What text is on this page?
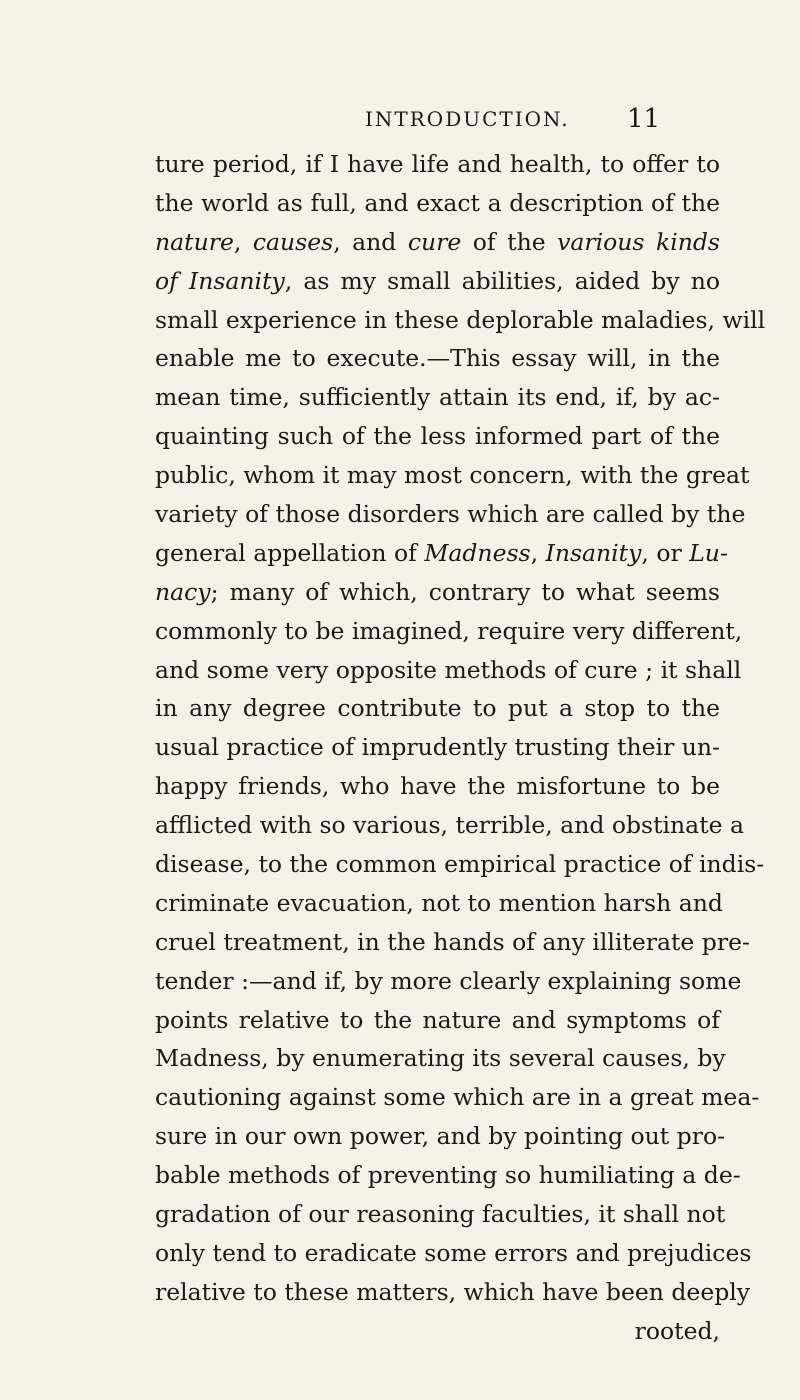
INTRODUCTION. 11
ture period, if I have life and health, to offer to
the world as full, and exact a description of the
nature, causes, and cure of the various kinds
of Insanity, as my small abilities, aided by no
small experience in these deplorable maladies, will
enable me to execute.—This essay will, in the
mean time, sufficiently attain its end, if, by ac-
quainting such of the less informed part of the
public, whom it may most concern, with the great
variety of those disorders which are called by the
general appellation of Madness, Insanity, or Lu-
nacy; many of which, contrary to what seems
commonly to be imagined, require very different,
and some very opposite methods of cure ; it shall
in any degree contribute to put a stop to the
usual practice of imprudently trusting their un-
happy friends, who have the misfortune to be
afflicted with so various, terrible, and obstinate a
disease, to the common empirical practice of indis-
criminate evacuation, not to mention harsh and
cruel treatment, in the hands of any illiterate pre-
tender :—and if, by more clearly explaining some
points relative to the nature and symptoms of
Madness, by enumerating its several causes, by
cautioning against some which are in a great mea-
sure in our own power, and by pointing out pro-
bable methods of preventing so humiliating a de-
gradation of our reasoning faculties, it shall not
only tend to eradicate some errors and prejudices
relative to these matters, which have been deeply
rooted,
